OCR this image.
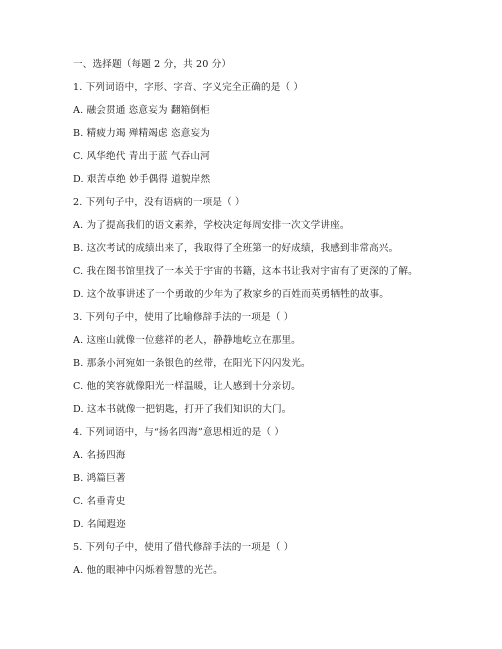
一、选择题（每题 2 分，共 20 分）
1. 下列词语中，字形、字音、字义完全正确的是（ ）
A. 融会贯通 恣意妄为 翻箱倒柜
B. 精疲力竭 殚精竭虑 恣意妄为
C. 风华绝代 青出于蓝 气吞山河
D. 艰苦卓绝 妙手偶得 道貌岸然
2. 下列句子中，没有语病的一项是（ ）
A. 为了提高我们的语文素养，学校决定每周安排一次文学讲座。
B. 这次考试的成绩出来了，我取得了全班第一的好成绩，我感到非常高兴。
C. 我在图书馆里找了一本关于宇宙的书籍，这本书让我对宇宙有了更深的了解。
D. 这个故事讲述了一个勇敢的少年为了救家乡的百姓而英勇牺牲的故事。
3. 下列句子中，使用了比喻修辞手法的一项是（ ）
A. 这座山就像一位慈祥的老人，静静地屹立在那里。
B. 那条小河宛如一条银色的丝带，在阳光下闪闪发光。
C. 他的笑容就像阳光一样温暖，让人感到十分亲切。
D. 这本书就像一把钥匙，打开了我们知识的大门。
4. 下列词语中，与“扬名四海”意思相近的是（ ）
A. 名扬四海
B. 鸿篇巨著
C. 名垂青史
D. 名闻遐迩
5. 下列句子中，使用了借代修辞手法的一项是（ ）
A. 他的眼神中闪烁着智慧的光芒。
